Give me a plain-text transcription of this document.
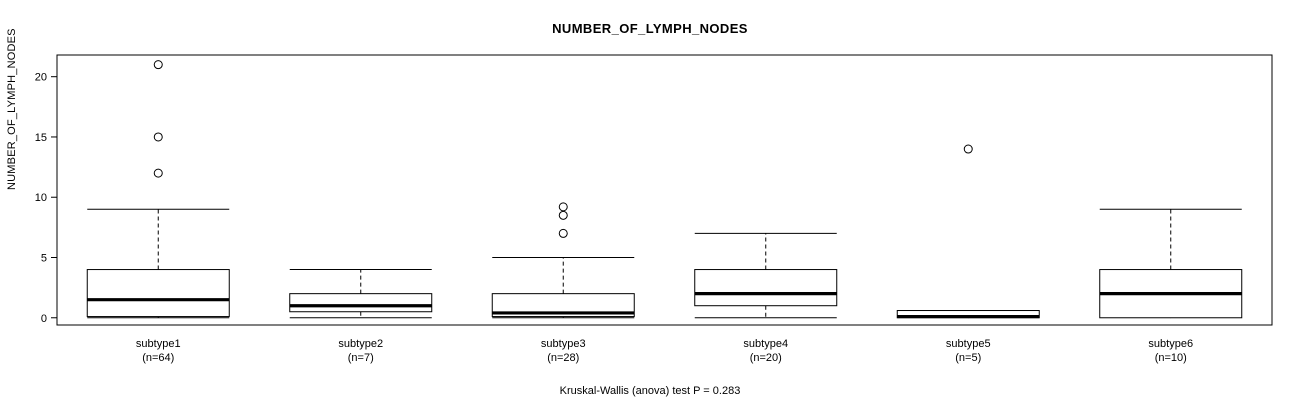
NUMBER_OF_LYMPH_NODES
NUMBER_OF_LYMPH_NODES
0
5
10
15
20
subtype1
(n=64)
subtype2
(n=7)
subtype3
(n=28)
subtype4
(n=20)
subtype5
(n=5)
subtype6
(n=10)
Kruskal-Wallis (anova) test P = 0.283
